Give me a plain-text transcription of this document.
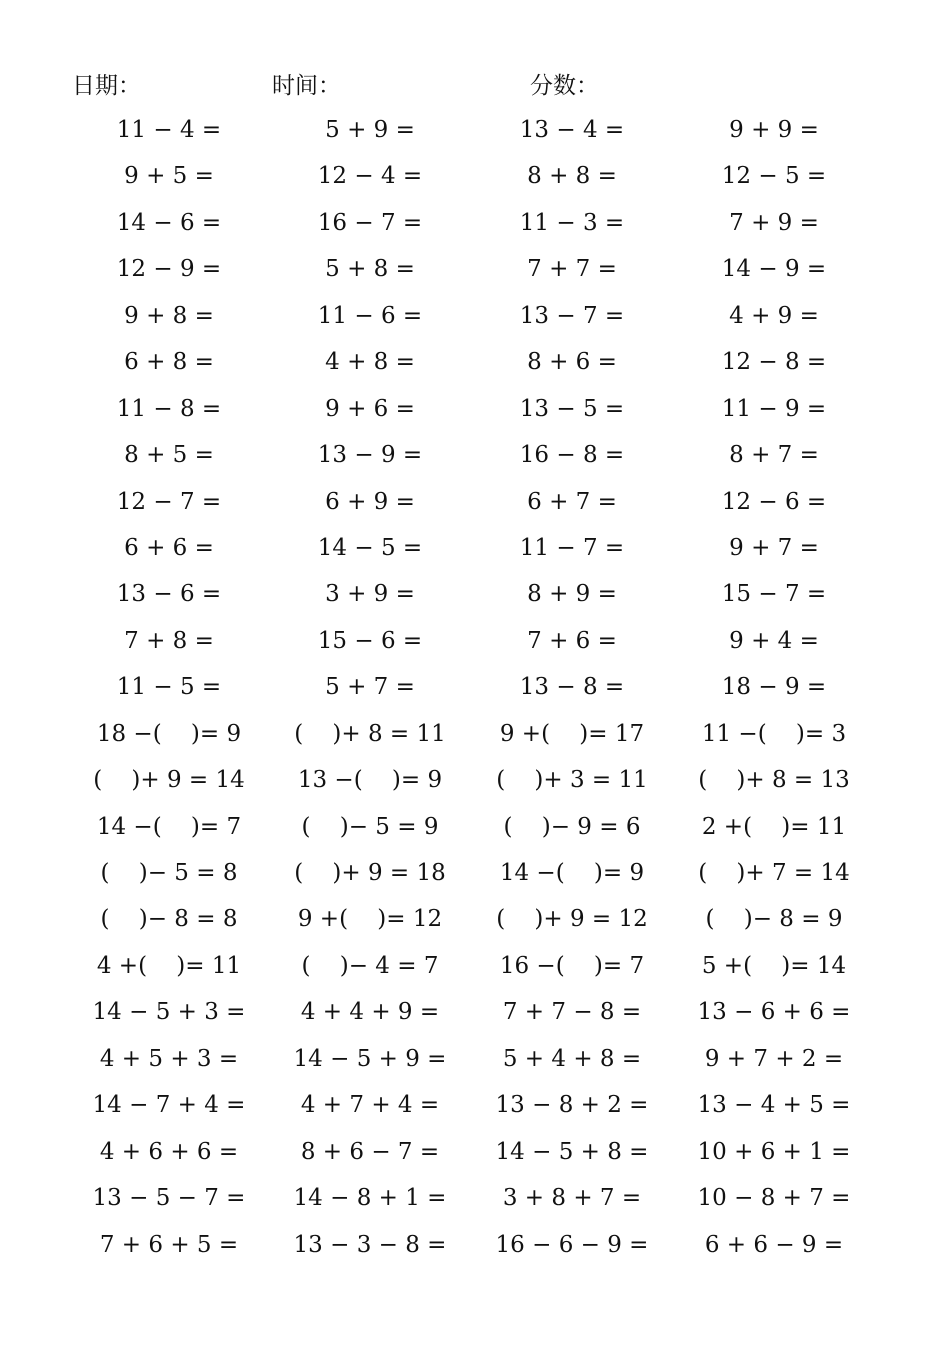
日期：	时间：	分数：
11 − 4 =	5 + 9 =	13 − 4 =	9 + 9 =
9 + 5 =	12 − 4 =	8 + 8 =	12 − 5 =
14 − 6 =	16 − 7 =	11 − 3 =	7 + 9 =
12 − 9 =	5 + 8 =	7 + 7 =	14 − 9 =
9 + 8 =	11 − 6 =	13 − 7 =	4 + 9 =
6 + 8 =	4 + 8 =	8 + 6 =	12 − 8 =
11 − 8 =	9 + 6 =	13 − 5 =	11 − 9 =
8 + 5 =	13 − 9 =	16 − 8 =	8 + 7 =
12 − 7 =	6 + 9 =	6 + 7 =	12 − 6 =
6 + 6 =	14 − 5 =	11 − 7 =	9 + 7 =
13 − 6 =	3 + 9 =	8 + 9 =	15 − 7 =
7 + 8 =	15 − 6 =	7 + 6 =	9 + 4 =
11 − 5 =	5 + 7 =	13 − 8 =	18 − 9 =
18 −(    )= 9	(    )+ 8 = 11	9 +(    )= 17	11 −(    )= 3
(    )+ 9 = 14	13 −(    )= 9	(    )+ 3 = 11	(    )+ 8 = 13
14 −(    )= 7	(    )− 5 = 9	(    )− 9 = 6	2 +(    )= 11
(    )− 5 = 8	(    )+ 9 = 18	14 −(    )= 9	(    )+ 7 = 14
(    )− 8 = 8	9 +(    )= 12	(    )+ 9 = 12	(    )− 8 = 9
4 +(    )= 11	(    )− 4 = 7	16 −(    )= 7	5 +(    )= 14
14 − 5 + 3 =	4 + 4 + 9 =	7 + 7 − 8 =	13 − 6 + 6 =
4 + 5 + 3 =	14 − 5 + 9 =	5 + 4 + 8 =	9 + 7 + 2 =
14 − 7 + 4 =	4 + 7 + 4 =	13 − 8 + 2 =	13 − 4 + 5 =
4 + 6 + 6 =	8 + 6 − 7 =	14 − 5 + 8 =	10 + 6 + 1 =
13 − 5 − 7 =	14 − 8 + 1 =	3 + 8 + 7 =	10 − 8 + 7 =
7 + 6 + 5 =	13 − 3 − 8 =	16 − 6 − 9 =	6 + 6 − 9 =
